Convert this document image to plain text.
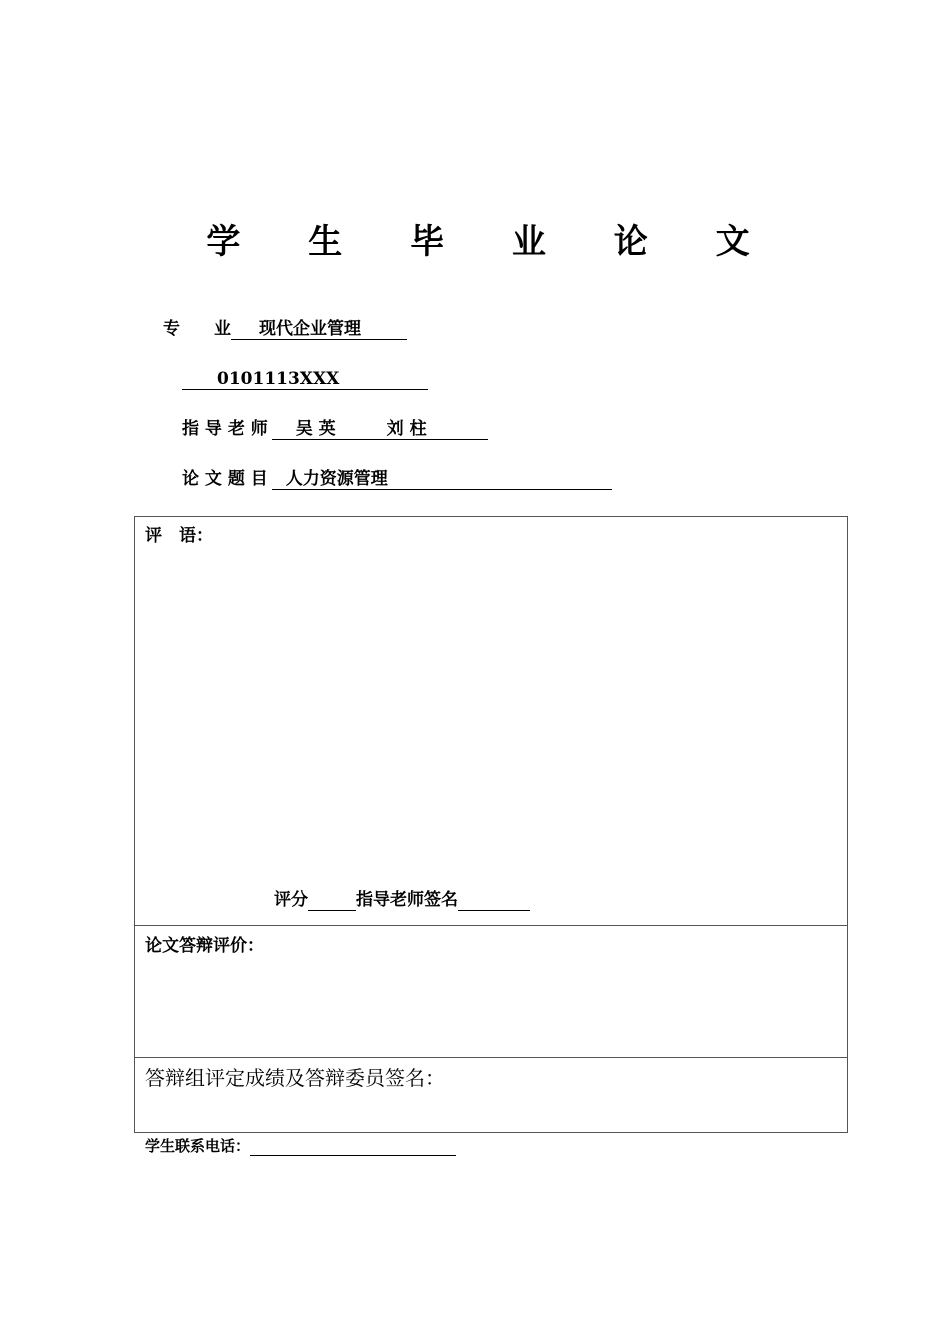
学 生 毕 业 论 文
专　　业 现代企业管理
0101113XXX
指 导 老 师 吴 英　　　刘 柱
论 文 题 目 人力资源管理
评　语：
评分	指导老师签名
论文答辩评价：
答辩组评定成绩及答辩委员签名：
学生联系电话：
